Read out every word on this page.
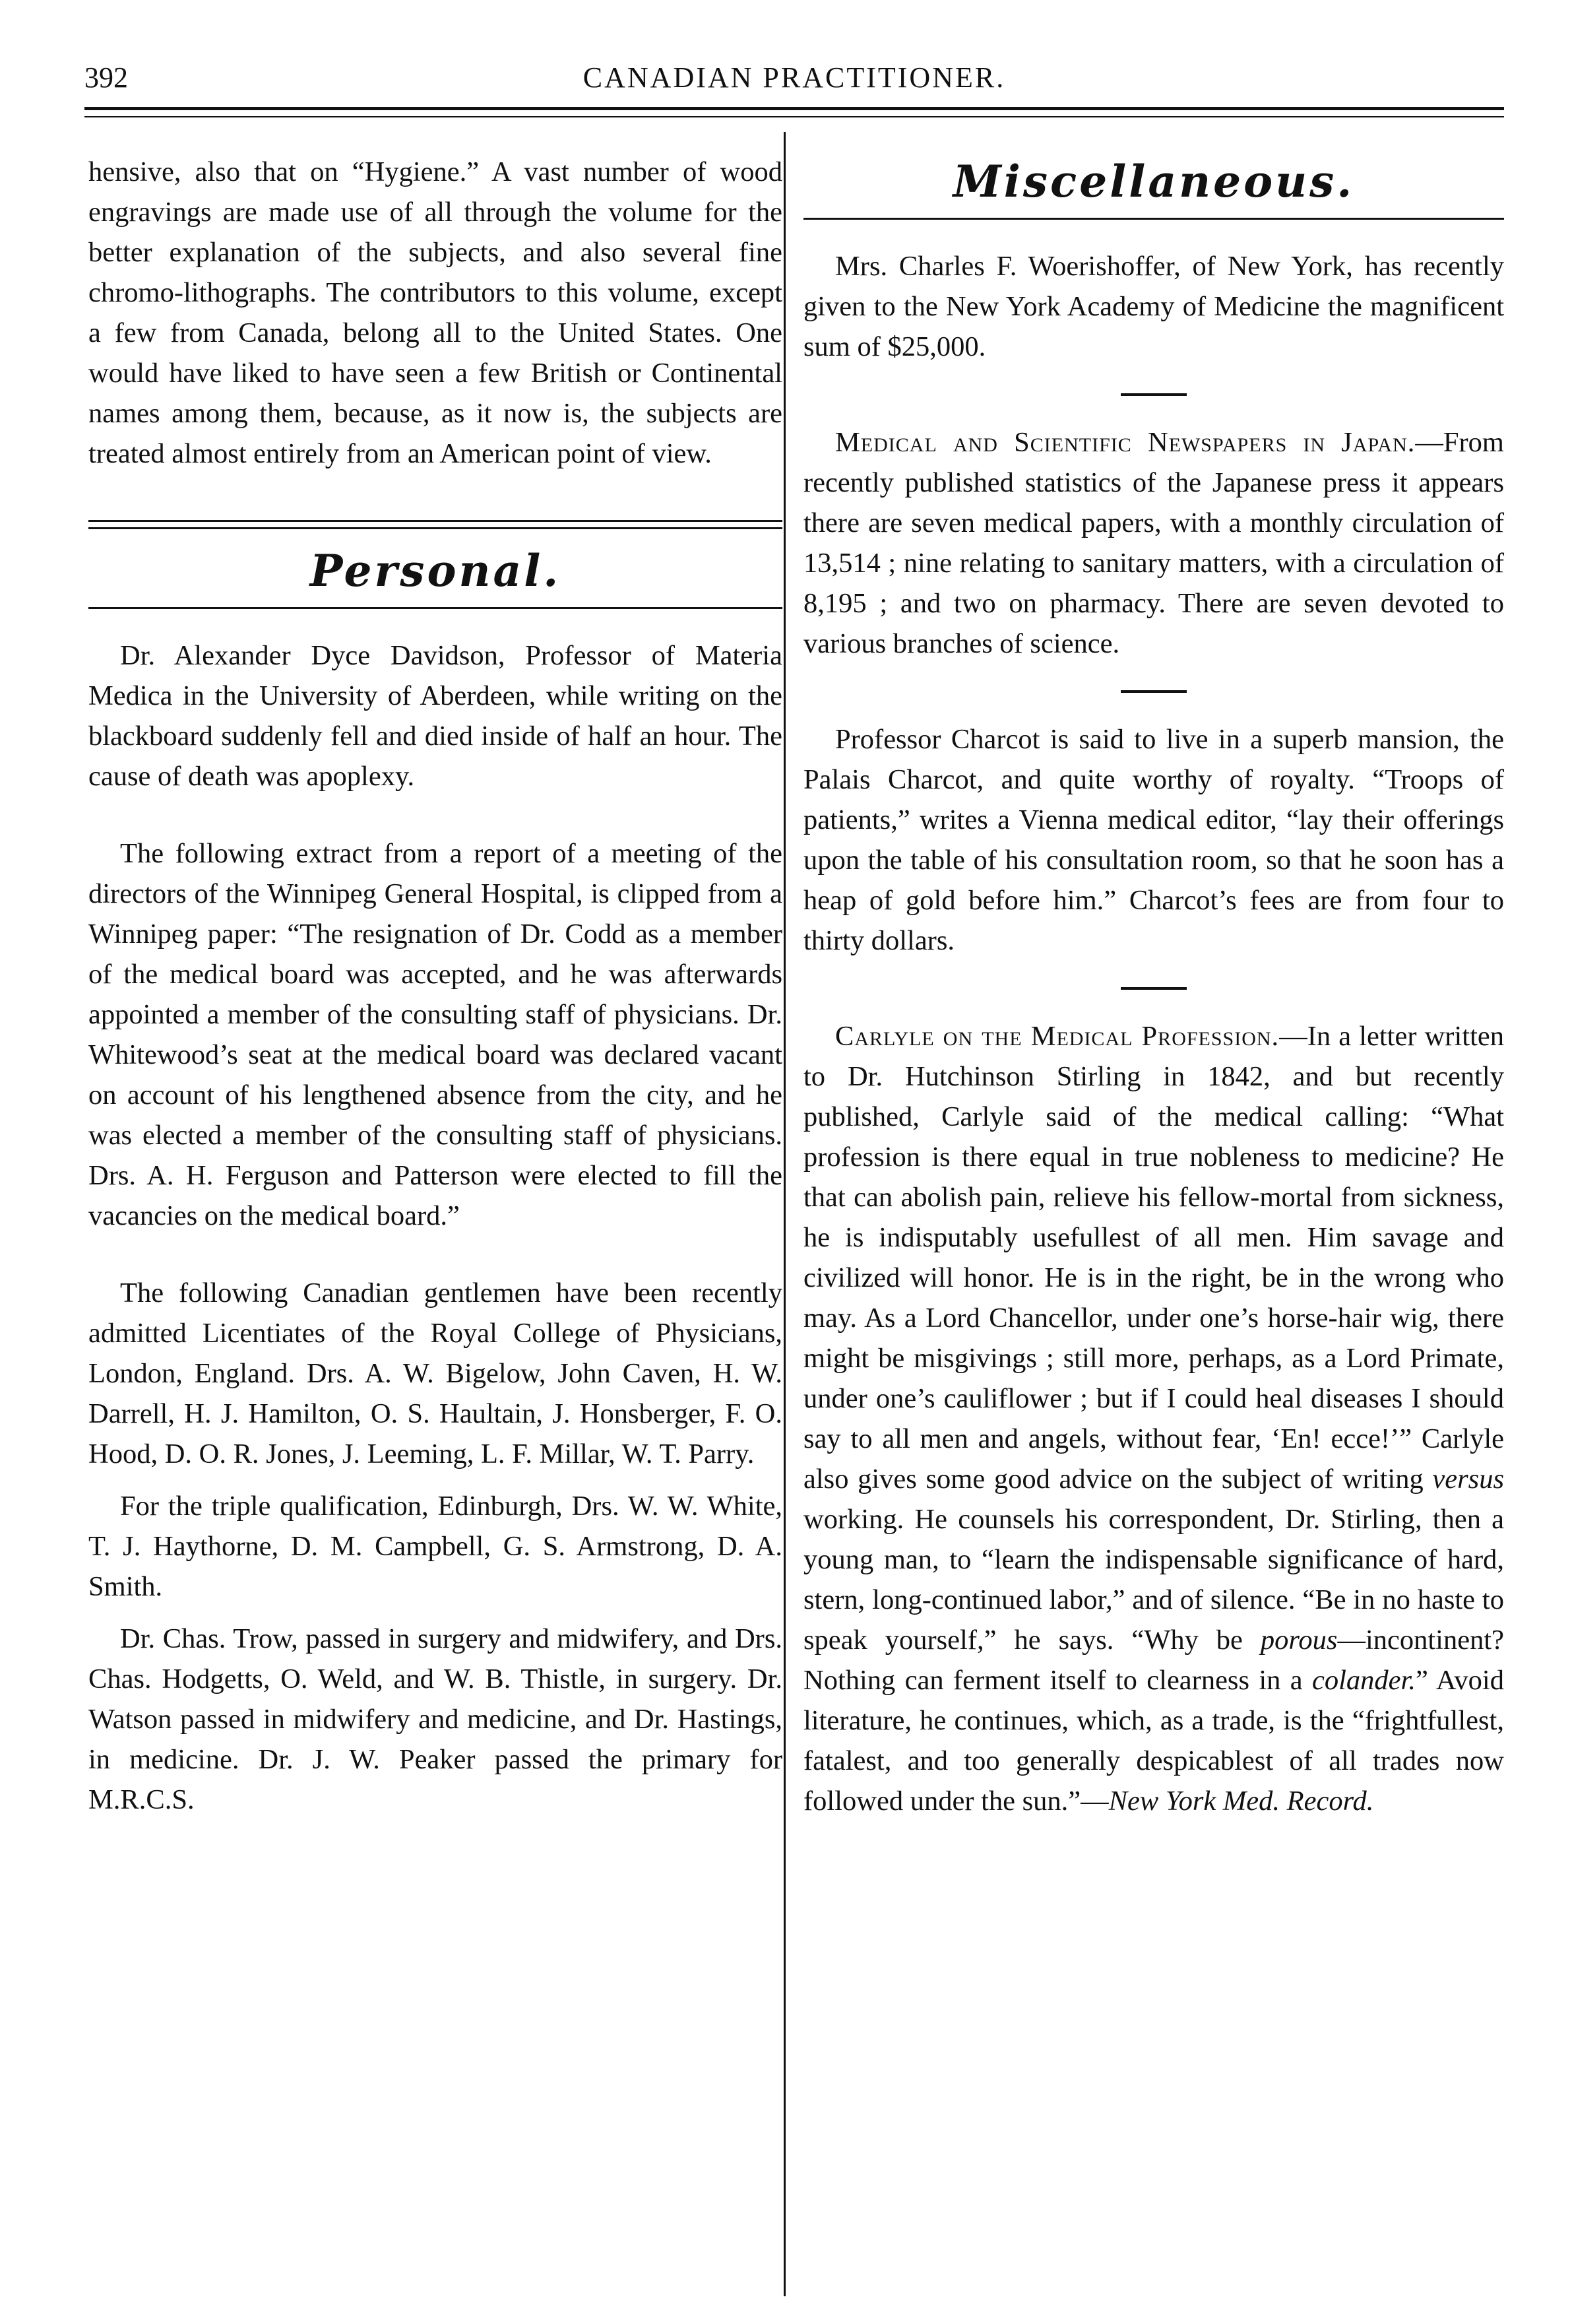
392	CANADIAN PRACTITIONER.

hensive, also that on “Hygiene.” A vast number of wood engravings are made use of all through the volume for the better explanation of the subjects, and also several fine chromo-lithographs. The contributors to this volume, except a few from Canada, belong all to the United States. One would have liked to have seen a few British or Continental names among them, because, as it now is, the subjects are treated almost entirely from an American point of view.

Personal.

Dr. Alexander Dyce Davidson, Professor of Materia Medica in the University of Aberdeen, while writing on the blackboard suddenly fell and died inside of half an hour. The cause of death was apoplexy.

The following extract from a report of a meeting of the directors of the Winnipeg General Hospital, is clipped from a Winnipeg paper: “The resignation of Dr. Codd as a member of the medical board was accepted, and he was afterwards appointed a member of the consulting staff of physicians. Dr. Whitewood’s seat at the medical board was declared vacant on account of his lengthened absence from the city, and he was elected a member of the consulting staff of physicians. Drs. A. H. Ferguson and Patterson were elected to fill the vacancies on the medical board.”

The following Canadian gentlemen have been recently admitted Licentiates of the Royal College of Physicians, London, England. Drs. A. W. Bigelow, John Caven, H. W. Darrell, H. J. Hamilton, O. S. Haultain, J. Honsberger, F. O. Hood, D. O. R. Jones, J. Leeming, L. F. Millar, W. T. Parry.

For the triple qualification, Edinburgh, Drs. W. W. White, T. J. Haythorne, D. M. Campbell, G. S. Armstrong, D. A. Smith.

Dr. Chas. Trow, passed in surgery and midwifery, and Drs. Chas. Hodgetts, O. Weld, and W. B. Thistle, in surgery. Dr. Watson passed in midwifery and medicine, and Dr. Hastings, in medicine. Dr. J. W. Peaker passed the primary for M.R.C.S.

Miscellaneous.

Mrs. Charles F. Woerishoffer, of New York, has recently given to the New York Academy of Medicine the magnificent sum of $25,000.

Medical and Scientific Newspapers in Japan.—From recently published statistics of the Japanese press it appears there are seven medical papers, with a monthly circulation of 13,514 ; nine relating to sanitary matters, with a circulation of 8,195 ; and two on pharmacy. There are seven devoted to various branches of science.

Professor Charcot is said to live in a superb mansion, the Palais Charcot, and quite worthy of royalty. “Troops of patients,” writes a Vienna medical editor, “lay their offerings upon the table of his consultation room, so that he soon has a heap of gold before him.” Charcot’s fees are from four to thirty dollars.

Carlyle on the Medical Profession.—In a letter written to Dr. Hutchinson Stirling in 1842, and but recently published, Carlyle said of the medical calling: “What profession is there equal in true nobleness to medicine? He that can abolish pain, relieve his fellow-mortal from sickness, he is indisputably usefullest of all men. Him savage and civilized will honor. He is in the right, be in the wrong who may. As a Lord Chancellor, under one’s horse-hair wig, there might be misgivings ; still more, perhaps, as a Lord Primate, under one’s cauliflower ; but if I could heal diseases I should say to all men and angels, without fear, ‘En! ecce!’” Carlyle also gives some good advice on the subject of writing versus working. He counsels his correspondent, Dr. Stirling, then a young man, to “learn the indispensable significance of hard, stern, long-continued labor,” and of silence. “Be in no haste to speak yourself,” he says. “Why be porous—incontinent? Nothing can ferment itself to clearness in a colander.” Avoid literature, he continues, which, as a trade, is the “frightfullest, fatalest, and too generally despicablest of all trades now followed under the sun.”—New York Med. Record.
